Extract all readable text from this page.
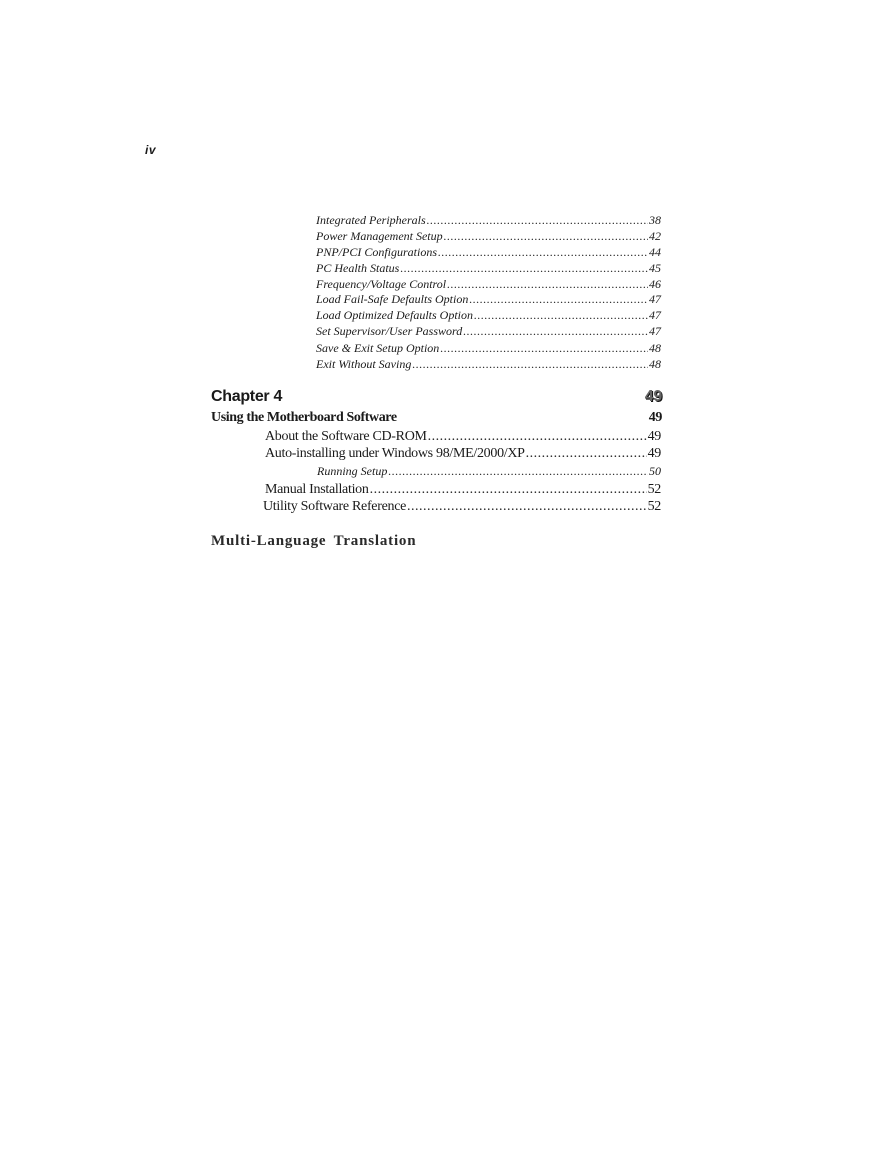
iv
Integrated Peripherals .....	38
Power Management Setup .....	42
PNP/PCI Configurations .....	44
PC Health Status .....	45
Frequency/Voltage Control .....	46
Load Fail-Safe Defaults Option .....	47
Load Optimized Defaults Option .....	47
Set Supervisor/User Password .....	47
Save & Exit Setup Option .....	48
Exit Without Saving .....	48
Chapter 4	49
Using the Motherboard Software	49
About the Software CD-ROM .....	49
Auto-installing under Windows 98/ME/2000/XP .....	49
Running Setup .....	50
Manual Installation .....	52
Utility Software Reference .....	52
Multi-Language Translation
